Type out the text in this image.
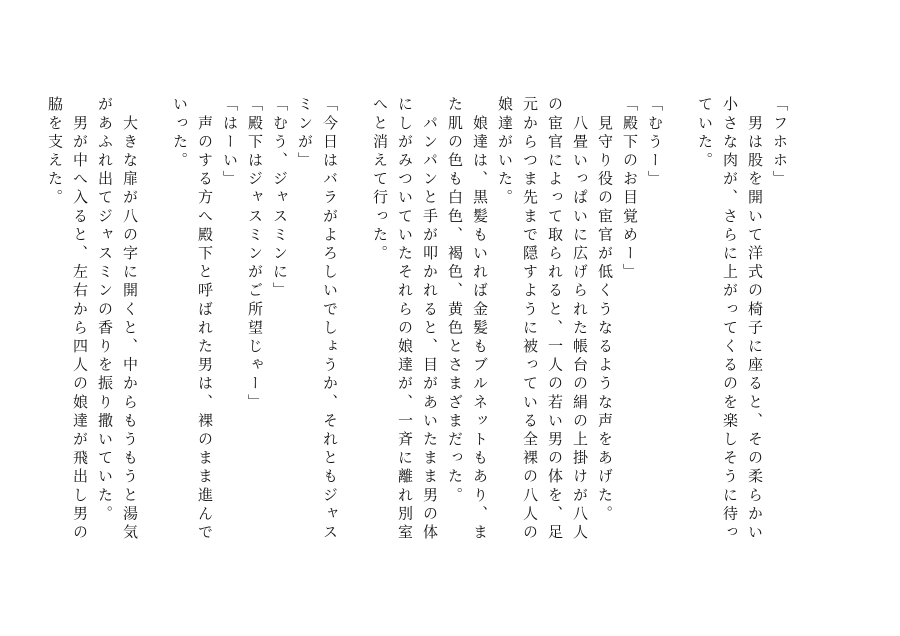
「フホホ」
　男は股を開いて洋式の椅子に座ると、その柔らかい
小さな肉が、さらに上がってくるのを楽しそうに待っ
ていた。
「むうー」
「殿下のお目覚めー」
　見守り役の宦官が低くうなるような声をあげた。
　八畳いっぱいに広げられた帳台の絹の上掛けが八人
の宦官によって取られると、一人の若い男の体を、足
元からつま先まで隠すように被っている全裸の八人の
娘達がいた。
　娘達は、黒髪もいれば金髪もブルネットもあり、ま
た肌の色も白色、褐色、黄色とさまざまだった。
　パンパンと手が叩かれると、目があいたまま男の体
にしがみついていたそれらの娘達が、一斉に離れ別室
へと消えて行った。
「今日はバラがよろしいでしょうか、それともジャス
ミンが」
「むう、ジャスミンに」
「殿下はジャスミンがご所望じゃー」
「はーい」
　声のする方へ殿下と呼ばれた男は、裸のまま進んで
いった。
　大きな扉が八の字に開くと、中からもうもうと湯気
があふれ出てジャスミンの香りを振り撒いていた。
　男が中へ入ると、左右から四人の娘達が飛出し男の
脇を支えた。
